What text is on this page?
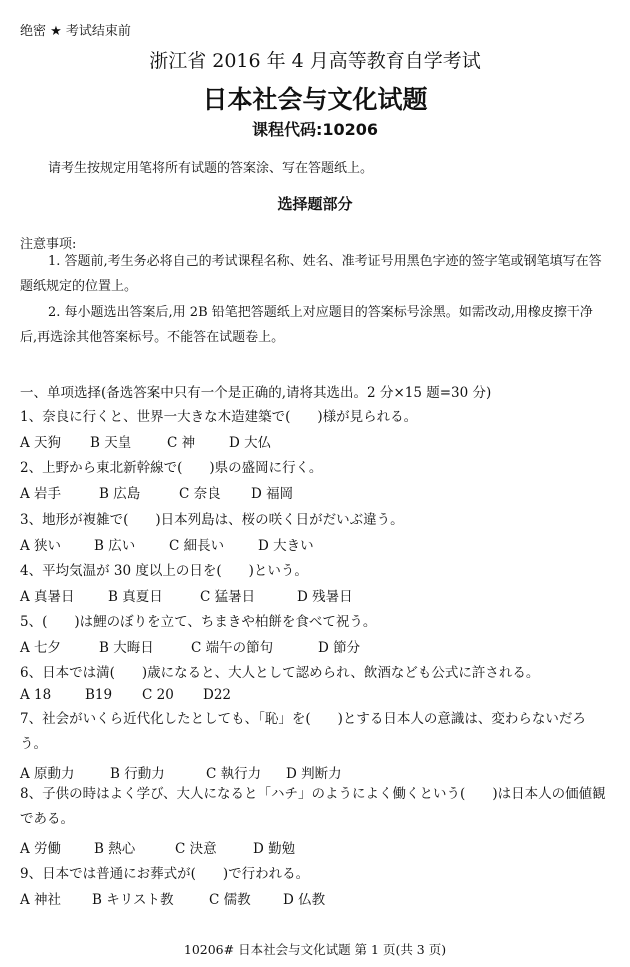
绝密 ★ 考试结束前
浙江省 2016 年 4 月高等教育自学考试
日本社会与文化试题
课程代码:10206
请考生按规定用笔将所有试题的答案涂、写在答题纸上。
选择题部分
注意事项:
1. 答题前,考生务必将自己的考试课程名称、姓名、准考证号用黑色字迹的签字笔或钢笔填写在答题纸规定的位置上。
2. 每小题选出答案后,用 2B 铅笔把答题纸上对应题目的答案标号涂黑。如需改动,用橡皮擦干净后,再选涂其他答案标号。不能答在试题卷上。
一、单项选择(备选答案中只有一个是正确的,请将其选出。2 分×15 题=30 分)
1、奈良に行くと、世界一大きな木造建築で(　　)様が見られる。
A 天狗 B 天皇	C 神	D 大仏
2、上野から東北新幹線で(　　)県の盛岡に行く。
A 岩手	B 広島	C 奈良 D 福岡
3、地形が複雑で(　　)日本列島は、桜の咲く日がだいぶ違う。
A 狭い B 広い	C 細長い	D 大きい
4、平均気温が 30 度以上の日を(　　)という。
A 真暑日 B 真夏日	C 猛暑日	D 残暑日
5、(　　)は鯉のぼりを立て、ちまきや柏餅を食べて祝う。
A 七夕	B 大晦日	C 端午の節句	D 節分
6、日本では満(　　)歳になると、大人として認められ、飲酒なども公式に許される。
A 18	B19 C 20 D22
7、社会がいくら近代化したとしても、「恥」を(　　)とする日本人の意識は、変わらないだろう。
A 原動力	B 行動力	C 執行力 D 判断力
8、子供の時はよく学び、大人になると「ハチ」のようによく働くという(　　)は日本人の価値観である。
A 労働 B 熱心	C 決意	D 勤勉
9、日本では普通にお葬式が(　　)で行われる。
A 神社 B キリスト教	C 儒教 D 仏教
10206# 日本社会与文化试题 第 1 页(共 3 页)
